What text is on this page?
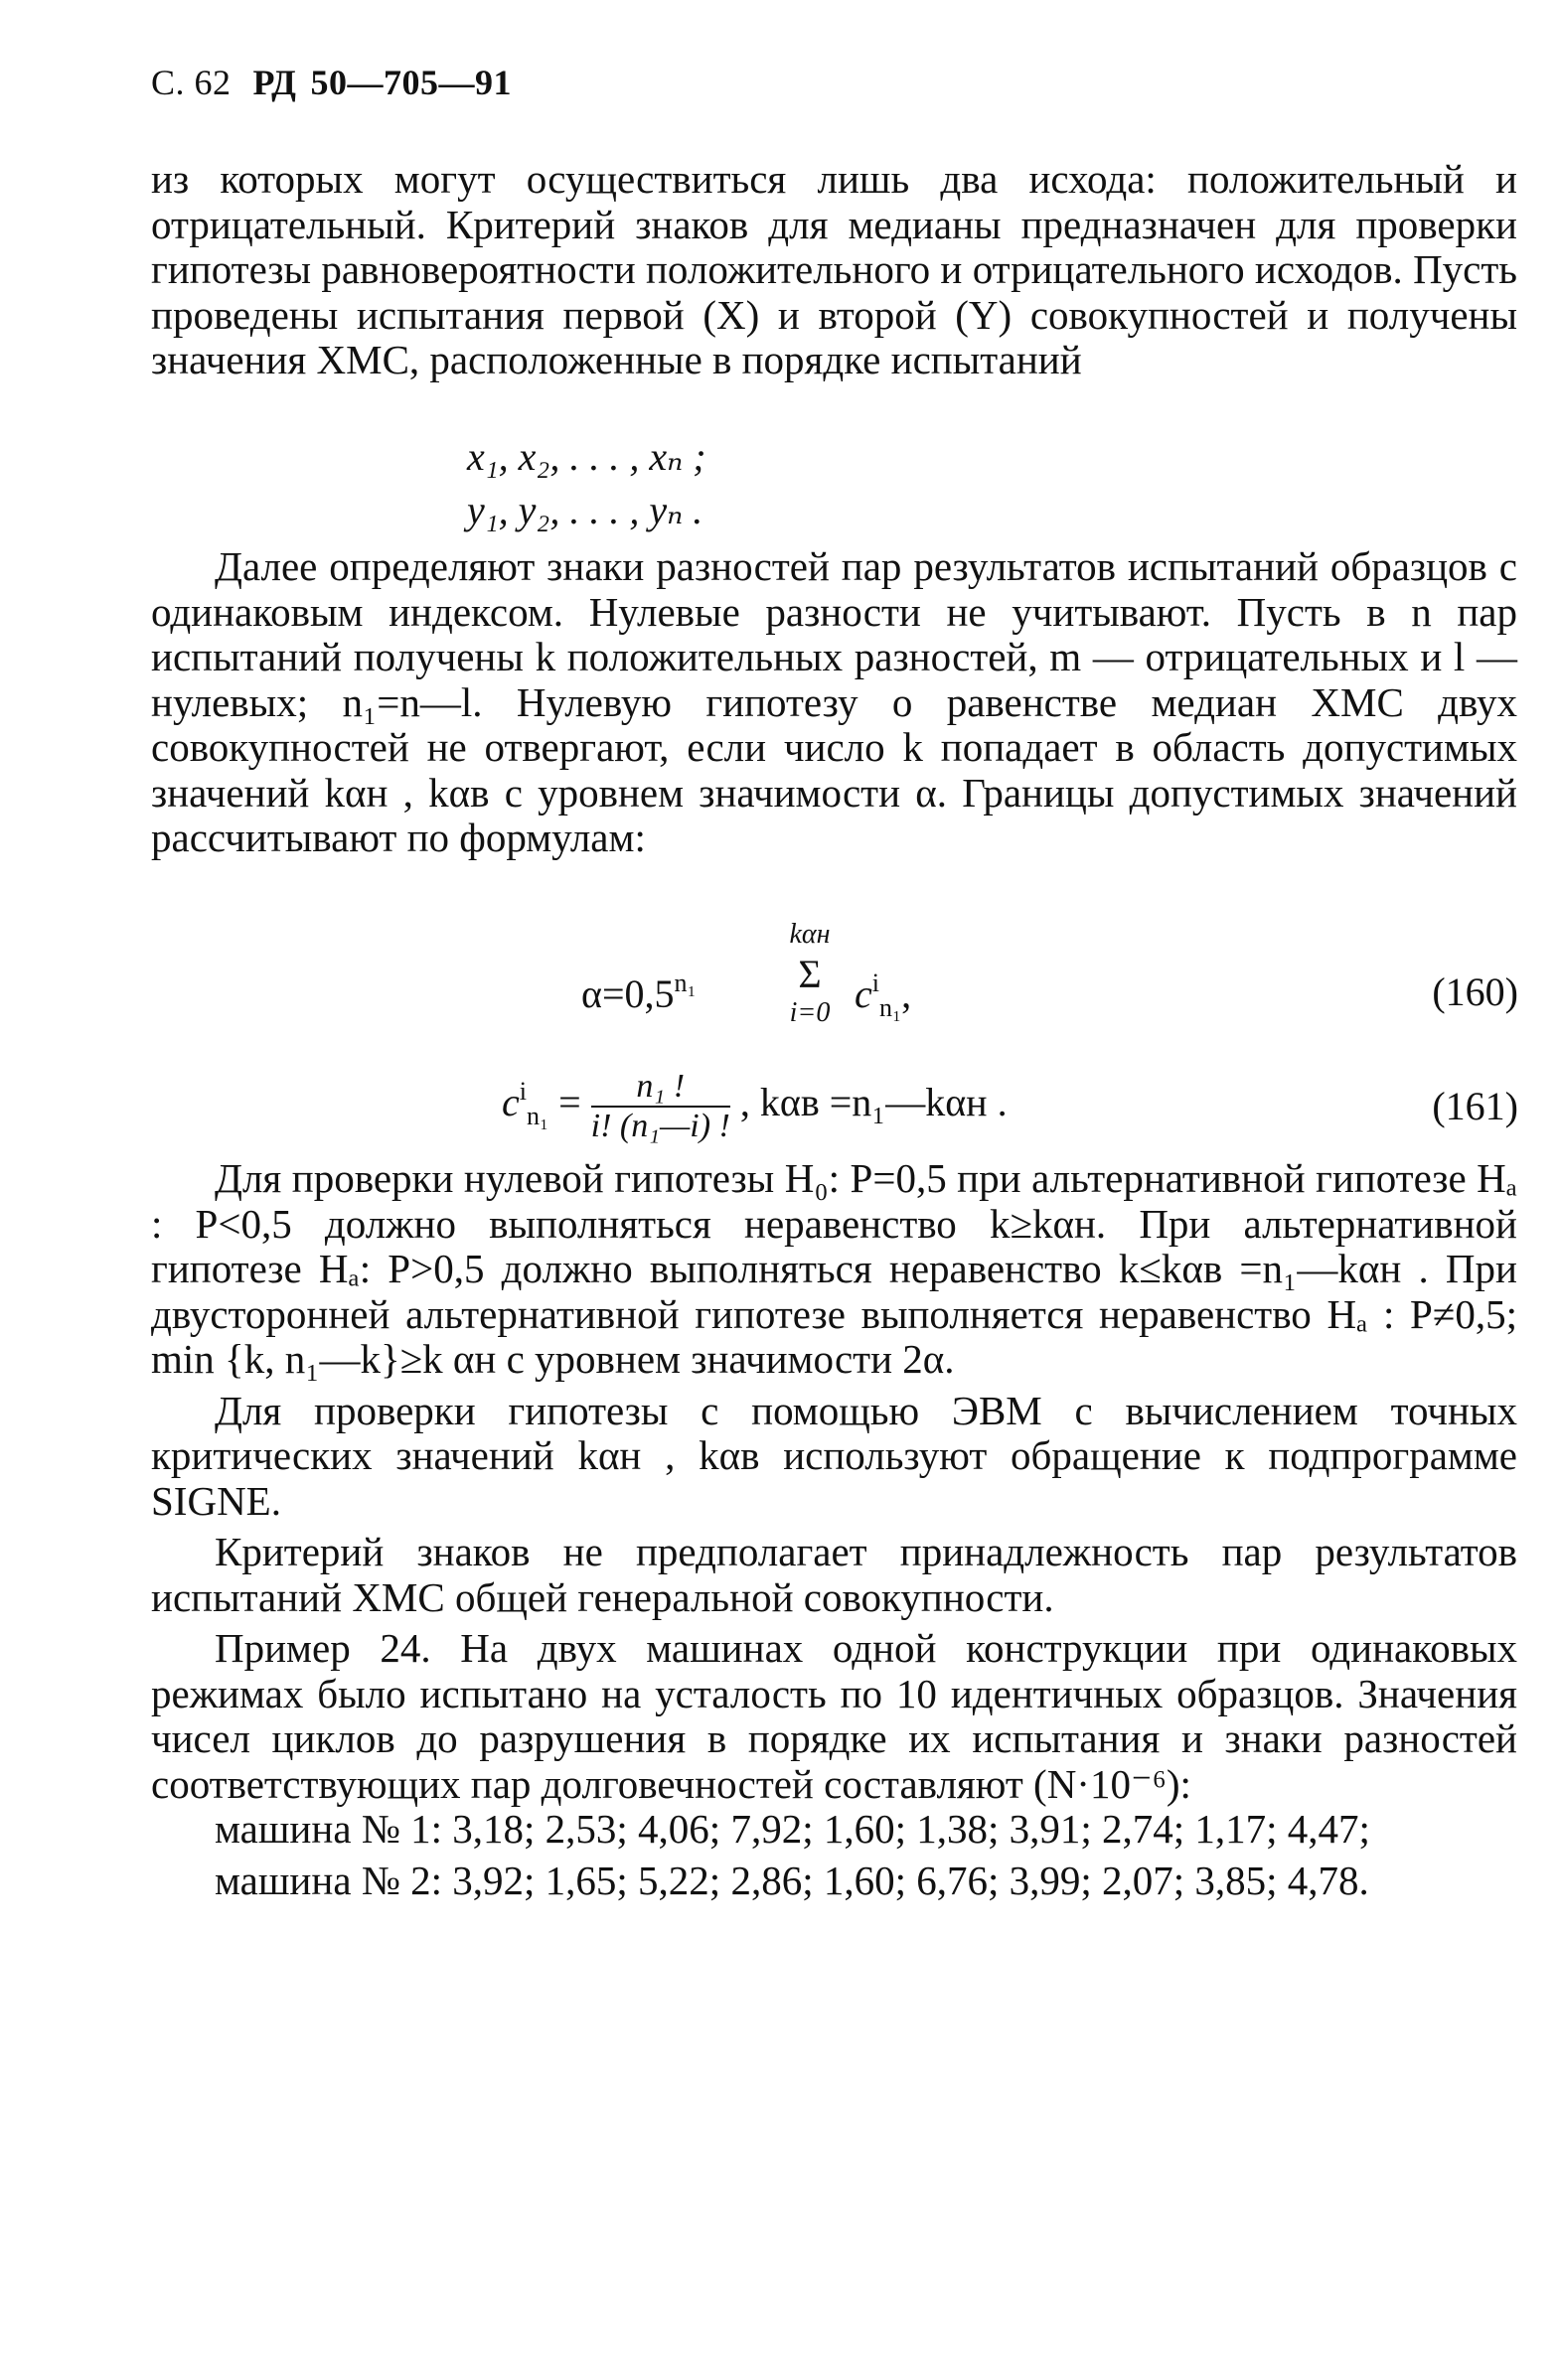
С. 62 РД 50—705—91

из которых могут осуществиться лишь два исхода: положительный и отрицательный. Критерий знаков для медианы предназначен для проверки гипотезы равновероятности положительного и отрицательного исходов. Пусть проведены испытания первой (X) и второй (Y) совокупностей и получены значения ХМС, расположенные в порядке испытаний

x₁, x₂, . . . , xₙ ;
y₁, y₂, . . . , yₙ .

Далее определяют знаки разностей пар результатов испытаний образцов с одинаковым индексом. Нулевые разности не учитывают. Пусть в n пар испытаний получены k положительных разностей, m — отрицательных и l — нулевых; n₁=n—l. Нулевую гипотезу о равенстве медиан ХМС двух совокупностей не отвергают, если число k попадает в область допустимых значений kαн , kαв с уровнем значимости α. Границы допустимых значений рассчитывают по формулам:

$\alpha=0,5^{n_1}$
kαн
Σ
i=0 $c^i_{n_1}$,	(160)
$c^i_{n_1} = \frac{\text{n₁ !}}{\text{i! (n₁—i) !}}$ , kαв =n₁—kαн .	(161)

Для проверки нулевой гипотезы H₀: P=0,5 при альтернативной гипотезе Hₐ : P<0,5 должно выполняться неравенство k≥kαн. При альтернативной гипотезе Hₐ: P>0,5 должно выполняться неравенство k≤kαв =n₁—kαн . При двусторонней альтернативной гипотезе выполняется неравенство Hₐ : P≠0,5; min {k, n₁—k}≥k αн с уровнем значимости 2α.

Для проверки гипотезы с помощью ЭВМ с вычислением точных критических значений kαн , kαв используют обращение к подпрограмме SIGNE.

Критерий знаков не предполагает принадлежность пар результатов испытаний ХМС общей генеральной совокупности.

Пример 24. На двух машинах одной конструкции при одинаковых режимах было испытано на усталость по 10 идентичных образцов. Значения чисел циклов до разрушения в порядке их испытания и знаки разностей соответствующих пар долговечностей составляют (N·10⁻⁶):

машина № 1: 3,18; 2,53; 4,06; 7,92; 1,60; 1,38; 3,91; 2,74; 1,17; 4,47;

машина № 2: 3,92; 1,65; 5,22; 2,86; 1,60; 6,76; 3,99; 2,07; 3,85; 4,78.
